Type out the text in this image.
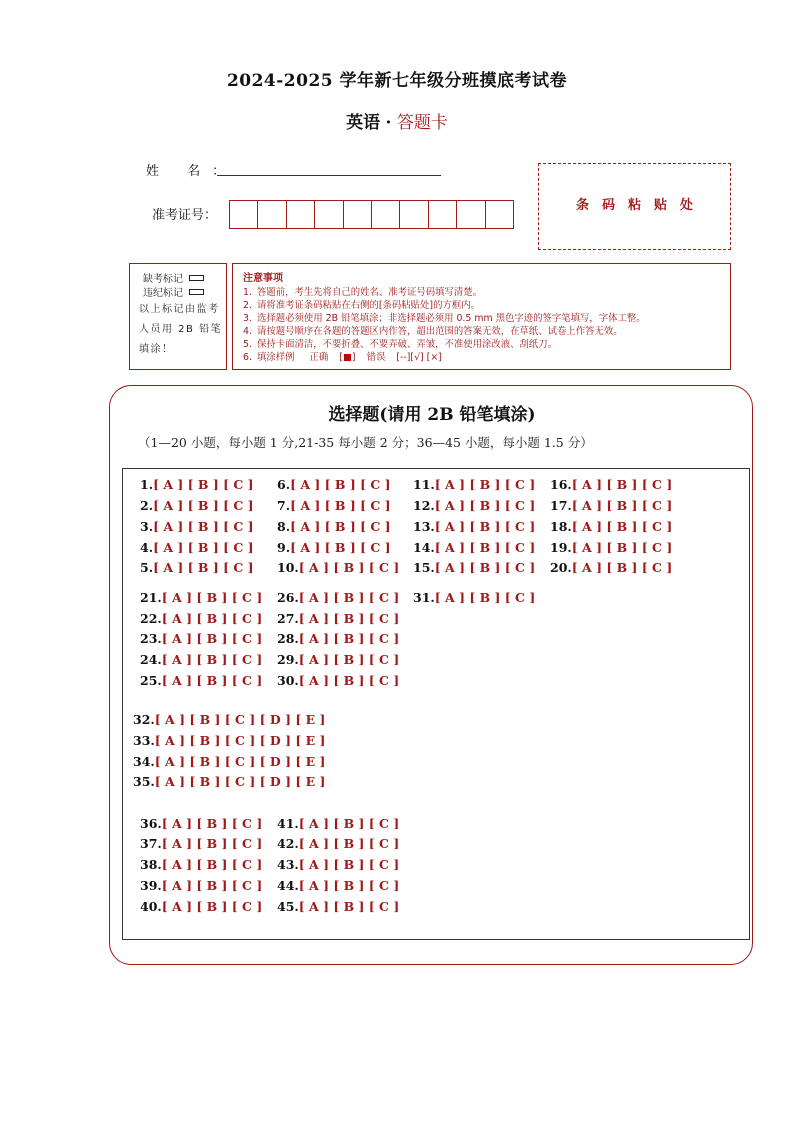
2024-2025 学年新七年级分班摸底考试卷
英语 · 答题卡
姓 名：
准考证号：
条码粘贴处
缺考标记
违纪标记
以上标记由监考人员用 2B 铅笔填涂！
注意事项
1. 答题前，考生先将自己的姓名、准考证号码填写清楚。
2. 请将准考证条码粘贴在右侧的[条码粘贴处]的方框内。
3. 选择题必须使用 2B 铅笔填涂；非选择题必须用 0.5 mm 黑色字迹的签字笔填写，字体工整。
4. 请按题号顺序在各题的答题区内作答，超出范围的答案无效，在草纸、试卷上作答无效。
5. 保持卡面清洁，不要折叠、不要弄破、弄皱，不准使用涂改液、刮纸刀。
6. 填涂样例 正确 [ ] 错误 [--][√] [×]
选择题(请用 2B 铅笔填涂)
（1—20 小题，每小题 1 分,21-35 每小题 2 分；36—45 小题，每小题 1.5 分）
1.[ A ] [ B ] [ C ]
2.[ A ] [ B ] [ C ]
3.[ A ] [ B ] [ C ]
4.[ A ] [ B ] [ C ]
5.[ A ] [ B ] [ C ]
6.[ A ] [ B ] [ C ]
7.[ A ] [ B ] [ C ]
8.[ A ] [ B ] [ C ]
9.[ A ] [ B ] [ C ]
10.[ A ] [ B ] [ C ]
11.[ A ] [ B ] [ C ]
12.[ A ] [ B ] [ C ]
13.[ A ] [ B ] [ C ]
14.[ A ] [ B ] [ C ]
15.[ A ] [ B ] [ C ]
16.[ A ] [ B ] [ C ]
17.[ A ] [ B ] [ C ]
18.[ A ] [ B ] [ C ]
19.[ A ] [ B ] [ C ]
20.[ A ] [ B ] [ C ]
21.[ A ] [ B ] [ C ]
22.[ A ] [ B ] [ C ]
23.[ A ] [ B ] [ C ]
24.[ A ] [ B ] [ C ]
25.[ A ] [ B ] [ C ]
26.[ A ] [ B ] [ C ]
27.[ A ] [ B ] [ C ]
28.[ A ] [ B ] [ C ]
29.[ A ] [ B ] [ C ]
30.[ A ] [ B ] [ C ]
31.[ A ] [ B ] [ C ]
32.[ A ] [ B ] [ C ] [ D ] [ E ]
33.[ A ] [ B ] [ C ] [ D ] [ E ]
34.[ A ] [ B ] [ C ] [ D ] [ E ]
35.[ A ] [ B ] [ C ] [ D ] [ E ]
36.[ A ] [ B ] [ C ]
37.[ A ] [ B ] [ C ]
38.[ A ] [ B ] [ C ]
39.[ A ] [ B ] [ C ]
40.[ A ] [ B ] [ C ]
41.[ A ] [ B ] [ C ]
42.[ A ] [ B ] [ C ]
43.[ A ] [ B ] [ C ]
44.[ A ] [ B ] [ C ]
45.[ A ] [ B ] [ C ]
